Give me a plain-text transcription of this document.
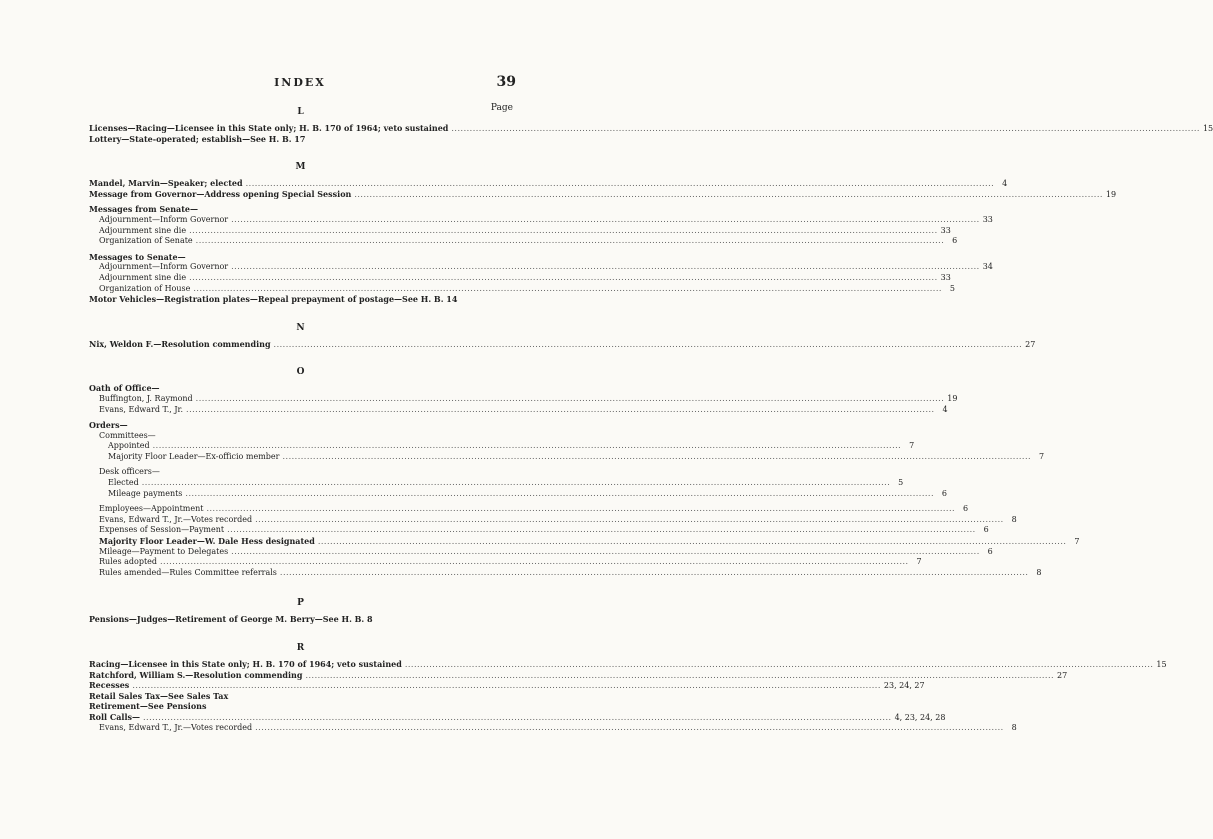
INDEX	39
Page
L
Licenses—Racing—Licensee in this State only; H. B. 170 of 1964; veto sustained .....	15
Lottery—State-operated; establish—See H. B. 17
M
Mandel, Marvin—Speaker; elected .....	4
Message from Governor—Address opening Special Session .....	19
Messages from Senate—
Adjournment—Inform Governor .....	33
Adjournment sine die .....	33
Organization of Senate .....	6
Messages to Senate—
Adjournment—Inform Governor .....	34
Adjournment sine die .....	33
Organization of House .....	5
Motor Vehicles—Registration plates—Repeal prepayment of postage—See H. B. 14
N
Nix, Weldon F.—Resolution commending .....	27
O
Oath of Office—
Buffington, J. Raymond .....	19
Evans, Edward T., Jr. .....	4
Orders—
Committees—
Appointed .....	7
Majority Floor Leader—Ex-officio member .....	7
Desk officers—
Elected .....	5
Mileage payments .....	6
Employees—Appointment .....	6
Evans, Edward T., Jr.—Votes recorded .....	8
Expenses of Session—Payment .....	6
Majority Floor Leader—W. Dale Hess designated .....	7
Mileage—Payment to Delegates .....	6
Rules adopted .....	7
Rules amended—Rules Committee referrals .....	8
P
Pensions—Judges—Retirement of George M. Berry—See H. B. 8
R
Racing—Licensee in this State only; H. B. 170 of 1964; veto sustained .....	15
Ratchford, William S.—Resolution commending .....	27
Recesses .....	23, 24, 27
Retail Sales Tax—See Sales Tax
Retirement—See Pensions
Roll Calls— .....	4, 23, 24, 28
Evans, Edward T., Jr.—Votes recorded .....	8
